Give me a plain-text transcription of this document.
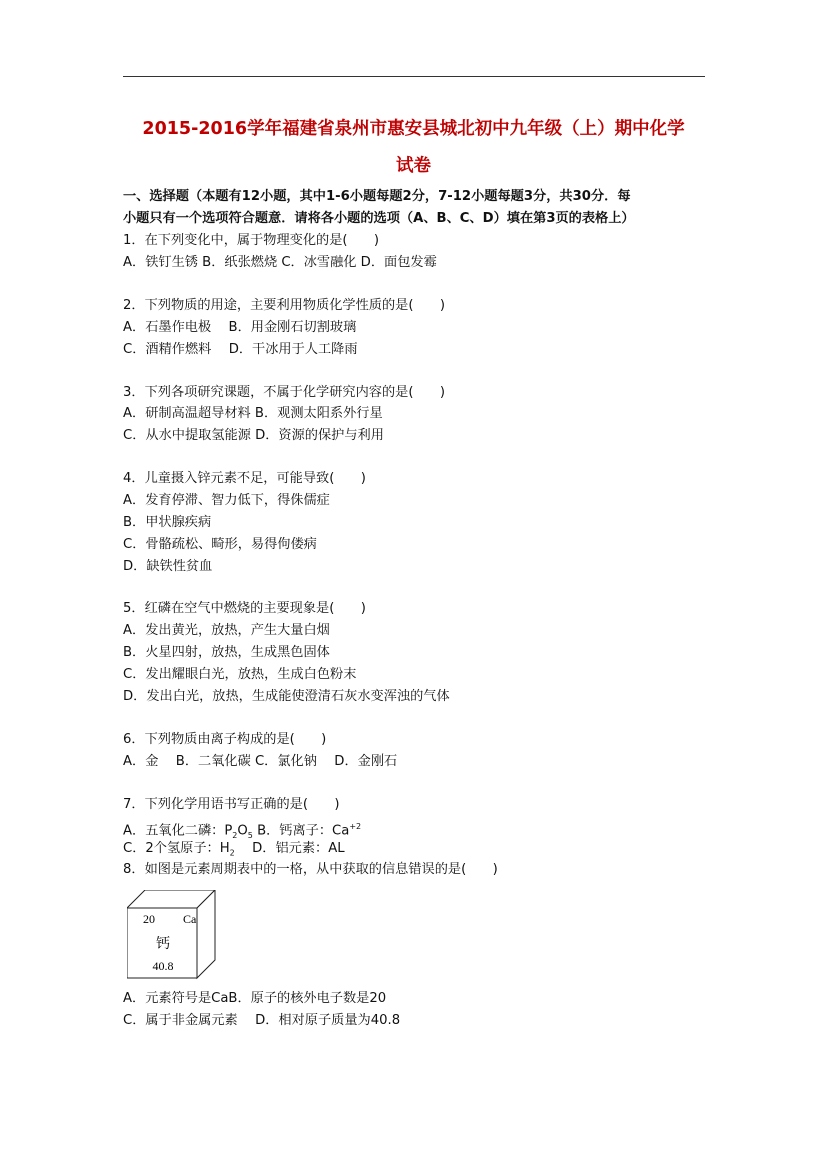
2015-2016学年福建省泉州市惠安县城北初中九年级（上）期中化学
试卷
一、选择题（本题有12小题，其中1-6小题每题2分，7-12小题每题3分，共30分．每
小题只有一个选项符合题意．请将各小题的选项（A、B、C、D）填在第3页的表格上）
1．在下列变化中，属于物理变化的是(　　)
A．铁钉生锈 B．纸张燃烧 C．冰雪融化 D．面包发霉
2．下列物质的用途，主要利用物质化学性质的是(　　)
A．石墨作电极　 B．用金刚石切割玻璃
C．酒精作燃料　 D．干冰用于人工降雨
3．下列各项研究课题，不属于化学研究内容的是(　　)
A．研制高温超导材料 B．观测太阳系外行星
C．从水中提取氢能源 D．资源的保护与利用
4．儿童摄入锌元素不足，可能导致(　　)
A．发育停滞、智力低下，得侏儒症
B．甲状腺疾病
C．骨骼疏松、畸形，易得佝偻病
D．缺铁性贫血
5．红磷在空气中燃烧的主要现象是(　　)
A．发出黄光，放热，产生大量白烟
B．火星四射，放热，生成黑色固体
C．发出耀眼白光，放热，生成白色粉末
D．发出白光，放热，生成能使澄清石灰水变浑浊的气体
6．下列物质由离子构成的是(　　)
A．金　 B．二氧化碳 C．氯化钠　 D．金刚石
7．下列化学用语书写正确的是(　　)
A．五氧化二磷：$P_2O_5$ B．钙离子：$Ca^{+2}$
C．2个氢原子：$H_2$　 D．铝元素：AL
8．如图是元素周期表中的一格，从中获取的信息错误的是(　　)
20 Ca
钙
40.8
A．元素符号是CaB．原子的核外电子数是20
C．属于非金属元素　 D．相对原子质量为40.8
